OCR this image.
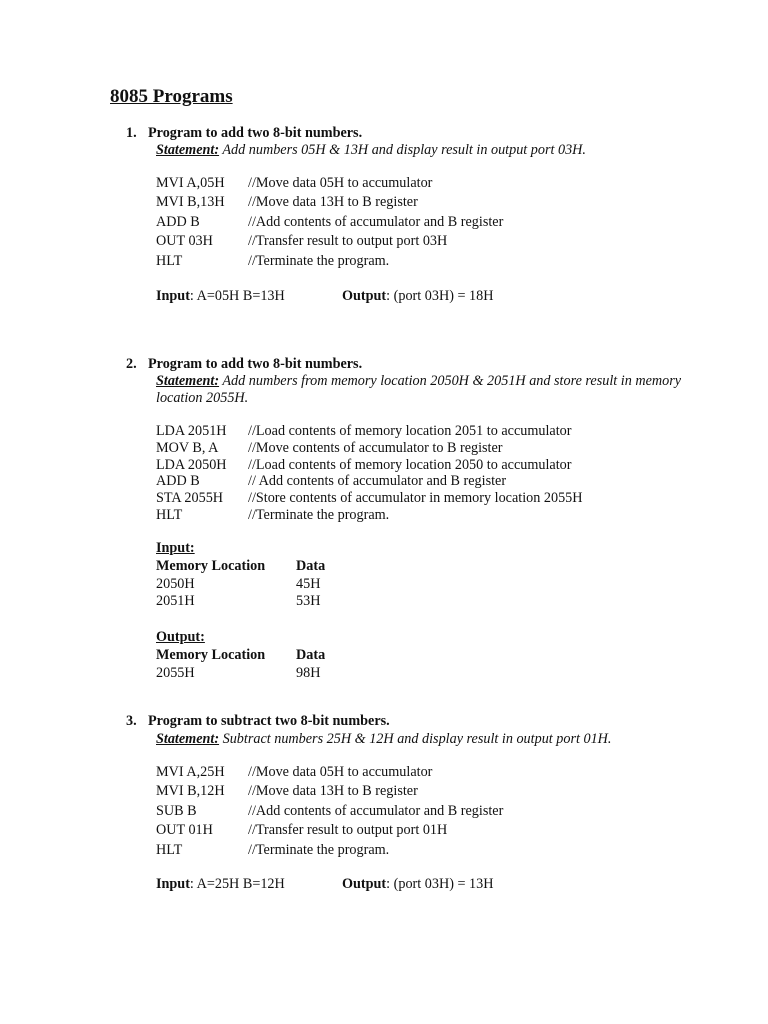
8085 Programs
1. Program to add two 8-bit numbers.
Statement: Add numbers 05H & 13H and display result in output port 03H.
MVI A,05H //Move data 05H to accumulator
MVI B,13H //Move data 13H to B register
ADD B	//Add contents of accumulator and B register
OUT 03H //Transfer result to output port 03H
HLT	//Terminate the program.
Input: A=05H B=13H	Output: (port 03H) = 18H
2. Program to add two 8-bit numbers.
Statement: Add numbers from memory location 2050H & 2051H and store result in memory location 2055H.
LDA 2051H //Load contents of memory location 2051 to accumulator
MOV B, A //Move contents of accumulator to B register
LDA 2050H //Load contents of memory location 2050 to accumulator
ADD B	// Add contents of accumulator and B register
STA 2055H //Store contents of accumulator in memory location 2055H
HLT	//Terminate the program.
Input:
Memory Location Data
2050H	45H
2051H	53H
Output:
Memory Location Data
2055H	98H
3. Program to subtract two 8-bit numbers.
Statement: Subtract numbers 25H & 12H and display result in output port 01H.
MVI A,25H //Move data 05H to accumulator
MVI B,12H //Move data 13H to B register
SUB B	//Add contents of accumulator and B register
OUT 01H //Transfer result to output port 01H
HLT	//Terminate the program.
Input: A=25H B=12H	Output: (port 03H) = 13H
